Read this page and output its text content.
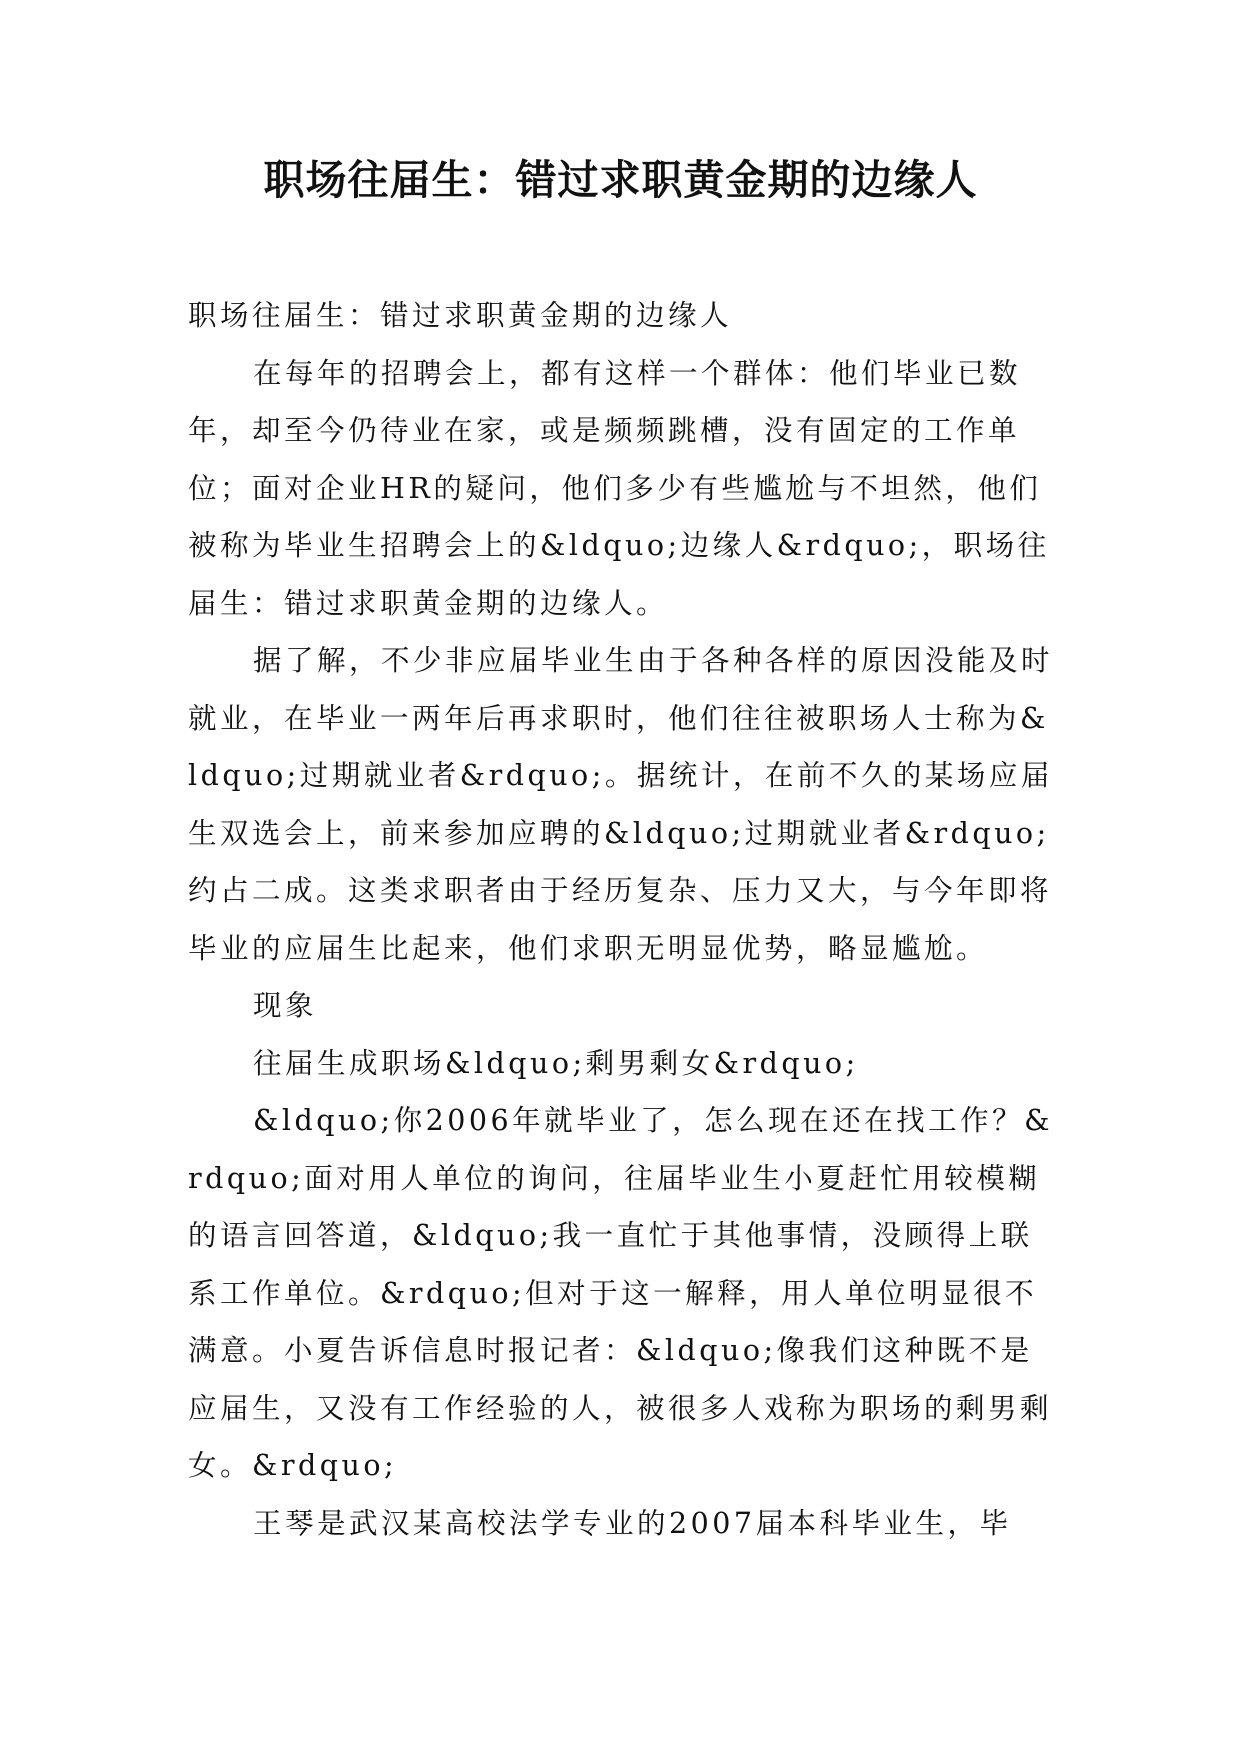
职场往届生：错过求职黄金期的边缘人

职场往届生：错过求职黄金期的边缘人

在每年的招聘会上，都有这样一个群体：他们毕业已数年，却至今仍待业在家，或是频频跳槽，没有固定的工作单位；面对企业HR的疑问，他们多少有些尴尬与不坦然，他们被称为毕业生招聘会上的&ldquo;边缘人&rdquo;，职场往届生：错过求职黄金期的边缘人。

据了解，不少非应届毕业生由于各种各样的原因没能及时就业，在毕业一两年后再求职时，他们往往被职场人士称为&ldquo;过期就业者&rdquo;。据统计，在前不久的某场应届生双选会上，前来参加应聘的&ldquo;过期就业者&rdquo;约占二成。这类求职者由于经历复杂、压力又大，与今年即将毕业的应届生比起来，他们求职无明显优势，略显尴尬。

现象

往届生成职场&ldquo;剩男剩女&rdquo;

&ldquo;你2006年就毕业了，怎么现在还在找工作？&rdquo;面对用人单位的询问，往届毕业生小夏赶忙用较模糊的语言回答道，&ldquo;我一直忙于其他事情，没顾得上联系工作单位。&rdquo;但对于这一解释，用人单位明显很不满意。小夏告诉信息时报记者：&ldquo;像我们这种既不是应届生，又没有工作经验的人，被很多人戏称为职场的剩男剩女。&rdquo;

王琴是武汉某高校法学专业的2007届本科毕业生，毕
